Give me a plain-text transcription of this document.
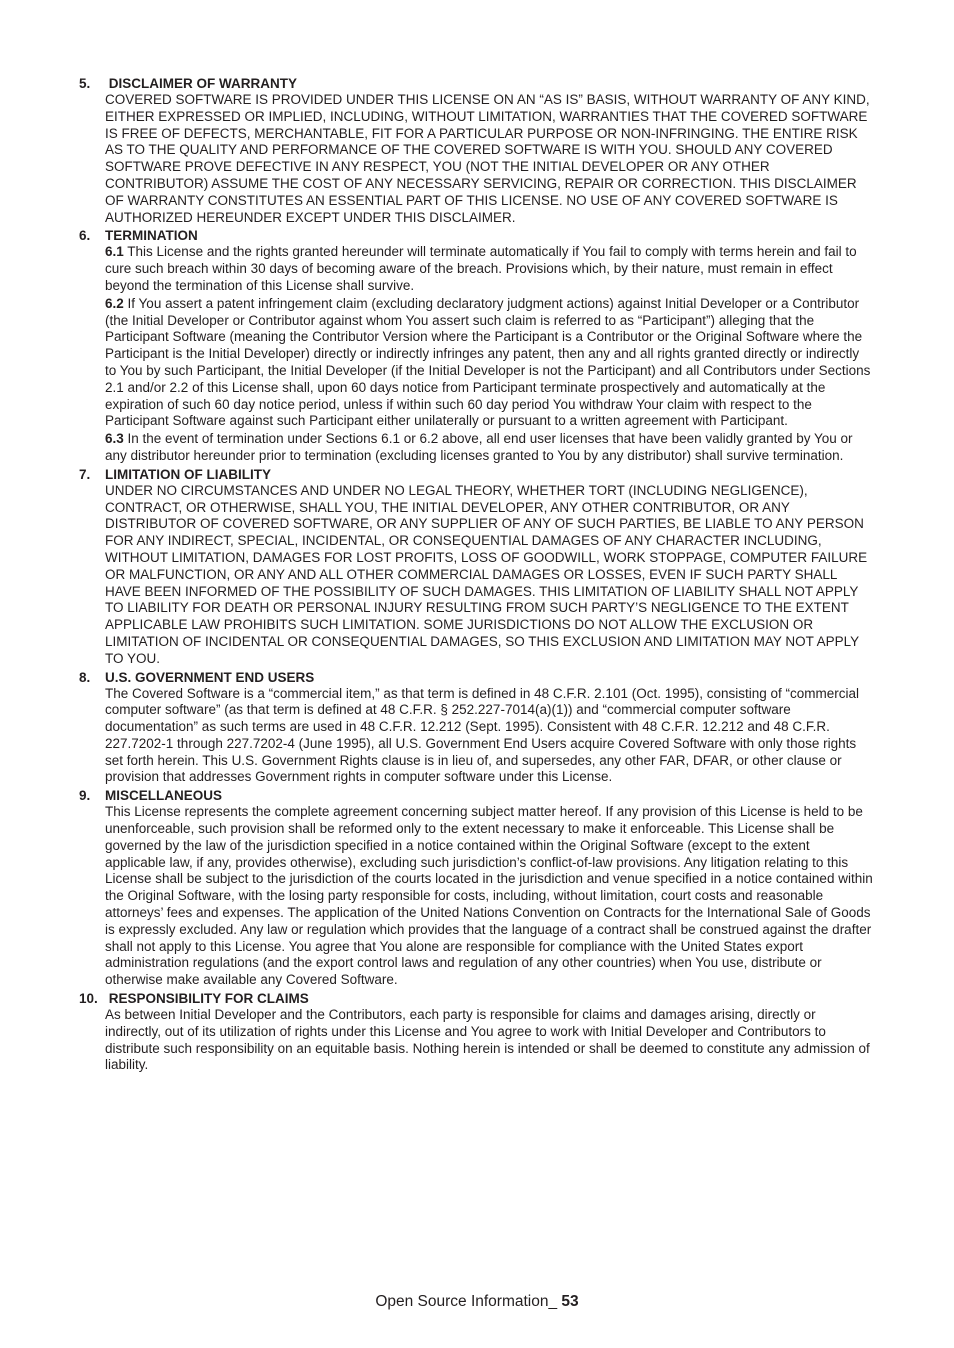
5.	DISCLAIMER OF WARRANTY
COVERED SOFTWARE IS PROVIDED UNDER THIS LICENSE ON AN “AS IS” BASIS, WITHOUT WARRANTY OF ANY KIND, EITHER EXPRESSED OR IMPLIED, INCLUDING, WITHOUT LIMITATION, WARRANTIES THAT THE COVERED SOFTWARE IS FREE OF DEFECTS, MERCHANTABLE, FIT FOR A PARTICULAR PURPOSE OR NON-INFRINGING. THE ENTIRE RISK AS TO THE QUALITY AND PERFORMANCE OF THE COVERED SOFTWARE IS WITH YOU. SHOULD ANY COVERED SOFTWARE PROVE DEFECTIVE IN ANY RESPECT, YOU (NOT THE INITIAL DEVELOPER OR ANY OTHER CONTRIBUTOR) ASSUME THE COST OF ANY NECESSARY SERVICING, REPAIR OR CORRECTION. THIS DISCLAIMER OF WARRANTY CONSTITUTES AN ESSENTIAL PART OF THIS LICENSE. NO USE OF ANY COVERED SOFTWARE IS AUTHORIZED HEREUNDER EXCEPT UNDER THIS DISCLAIMER.
6.	TERMINATION

6.1 This License and the rights granted hereunder will terminate automatically if You fail to comply with terms herein and fail to cure such breach within 30 days of becoming aware of the breach. Provisions which, by their nature, must remain in effect beyond the termination of this License shall survive.

6.2 If You assert a patent infringement claim (excluding declaratory judgment actions) against Initial Developer or a Contributor (the Initial Developer or Contributor against whom You assert such claim is referred to as “Participant”) alleging that the Participant Software (meaning the Contributor Version where the Participant is a Contributor or the Original Software where the Participant is the Initial Developer) directly or indirectly infringes any patent, then any and all rights granted directly or indirectly to You by such Participant, the Initial Developer (if the Initial Developer is not the Participant) and all Contributors under Sections 2.1 and/or 2.2 of this License shall, upon 60 days notice from Participant terminate prospectively and automatically at the expiration of such 60 day notice period, unless if within such 60 day period You withdraw Your claim with respect to the Participant Software against such Participant either unilaterally or pursuant to a written agreement with Participant.

6.3 In the event of termination under Sections 6.1 or 6.2 above, all end user licenses that have been validly granted by You or any distributor hereunder prior to termination (excluding licenses granted to You by any distributor) shall survive termination.

7.	LIMITATION OF LIABILITY
UNDER NO CIRCUMSTANCES AND UNDER NO LEGAL THEORY, WHETHER TORT (INCLUDING NEGLIGENCE), CONTRACT, OR OTHERWISE, SHALL YOU, THE INITIAL DEVELOPER, ANY OTHER CONTRIBUTOR, OR ANY DISTRIBUTOR OF COVERED SOFTWARE, OR ANY SUPPLIER OF ANY OF SUCH PARTIES, BE LIABLE TO ANY PERSON FOR ANY INDIRECT, SPECIAL, INCIDENTAL, OR CONSEQUENTIAL DAMAGES OF ANY CHARACTER INCLUDING, WITHOUT LIMITATION, DAMAGES FOR LOST PROFITS, LOSS OF GOODWILL, WORK STOPPAGE, COMPUTER FAILURE OR MALFUNCTION, OR ANY AND ALL OTHER COMMERCIAL DAMAGES OR LOSSES, EVEN IF SUCH PARTY SHALL HAVE BEEN INFORMED OF THE POSSIBILITY OF SUCH DAMAGES. THIS LIMITATION OF LIABILITY SHALL NOT APPLY TO LIABILITY FOR DEATH OR PERSONAL INJURY RESULTING FROM SUCH PARTY’S NEGLIGENCE TO THE EXTENT APPLICABLE LAW PROHIBITS SUCH LIMITATION. SOME JURISDICTIONS DO NOT ALLOW THE EXCLUSION OR LIMITATION OF INCIDENTAL OR CONSEQUENTIAL DAMAGES, SO THIS EXCLUSION AND LIMITATION MAY NOT APPLY TO YOU.
8.	U.S. GOVERNMENT END USERS
The Covered Software is a “commercial item,” as that term is defined in 48 C.F.R. 2.101 (Oct. 1995), consisting of “commercial computer software” (as that term is defined at 48 C.F.R. § 252.227-7014(a)(1)) and “commercial computer software documentation” as such terms are used in 48 C.F.R. 12.212 (Sept. 1995). Consistent with 48 C.F.R. 12.212 and 48 C.F.R. 227.7202-1 through 227.7202-4 (June 1995), all U.S. Government End Users acquire Covered Software with only those rights set forth herein. This U.S. Government Rights clause is in lieu of, and supersedes, any other FAR, DFAR, or other clause or provision that addresses Government rights in computer software under this License.
9.	MISCELLANEOUS
This License represents the complete agreement concerning subject matter hereof. If any provision of this License is held to be unenforceable, such provision shall be reformed only to the extent necessary to make it enforceable. This License shall be governed by the law of the jurisdiction specified in a notice contained within the Original Software (except to the extent applicable law, if any, provides otherwise), excluding such jurisdiction’s conflict-of-law provisions. Any litigation relating to this License shall be subject to the jurisdiction of the courts located in the jurisdiction and venue specified in a notice contained within the Original Software, with the losing party responsible for costs, including, without limitation, court costs and reasonable attorneys’ fees and expenses. The application of the United Nations Convention on Contracts for the International Sale of Goods is expressly excluded. Any law or regulation which provides that the language of a contract shall be construed against the drafter shall not apply to this License. You agree that You alone are responsible for compliance with the United States export administration regulations (and the export control laws and regulation of any other countries) when You use, distribute or otherwise make available any Covered Software.
10. RESPONSIBILITY FOR CLAIMS
As between Initial Developer and the Contributors, each party is responsible for claims and damages arising, directly or indirectly, out of its utilization of rights under this License and You agree to work with Initial Developer and Contributors to distribute such responsibility on an equitable basis. Nothing herein is intended or shall be deemed to constitute any admission of liability.
Open Source Information_ 53
